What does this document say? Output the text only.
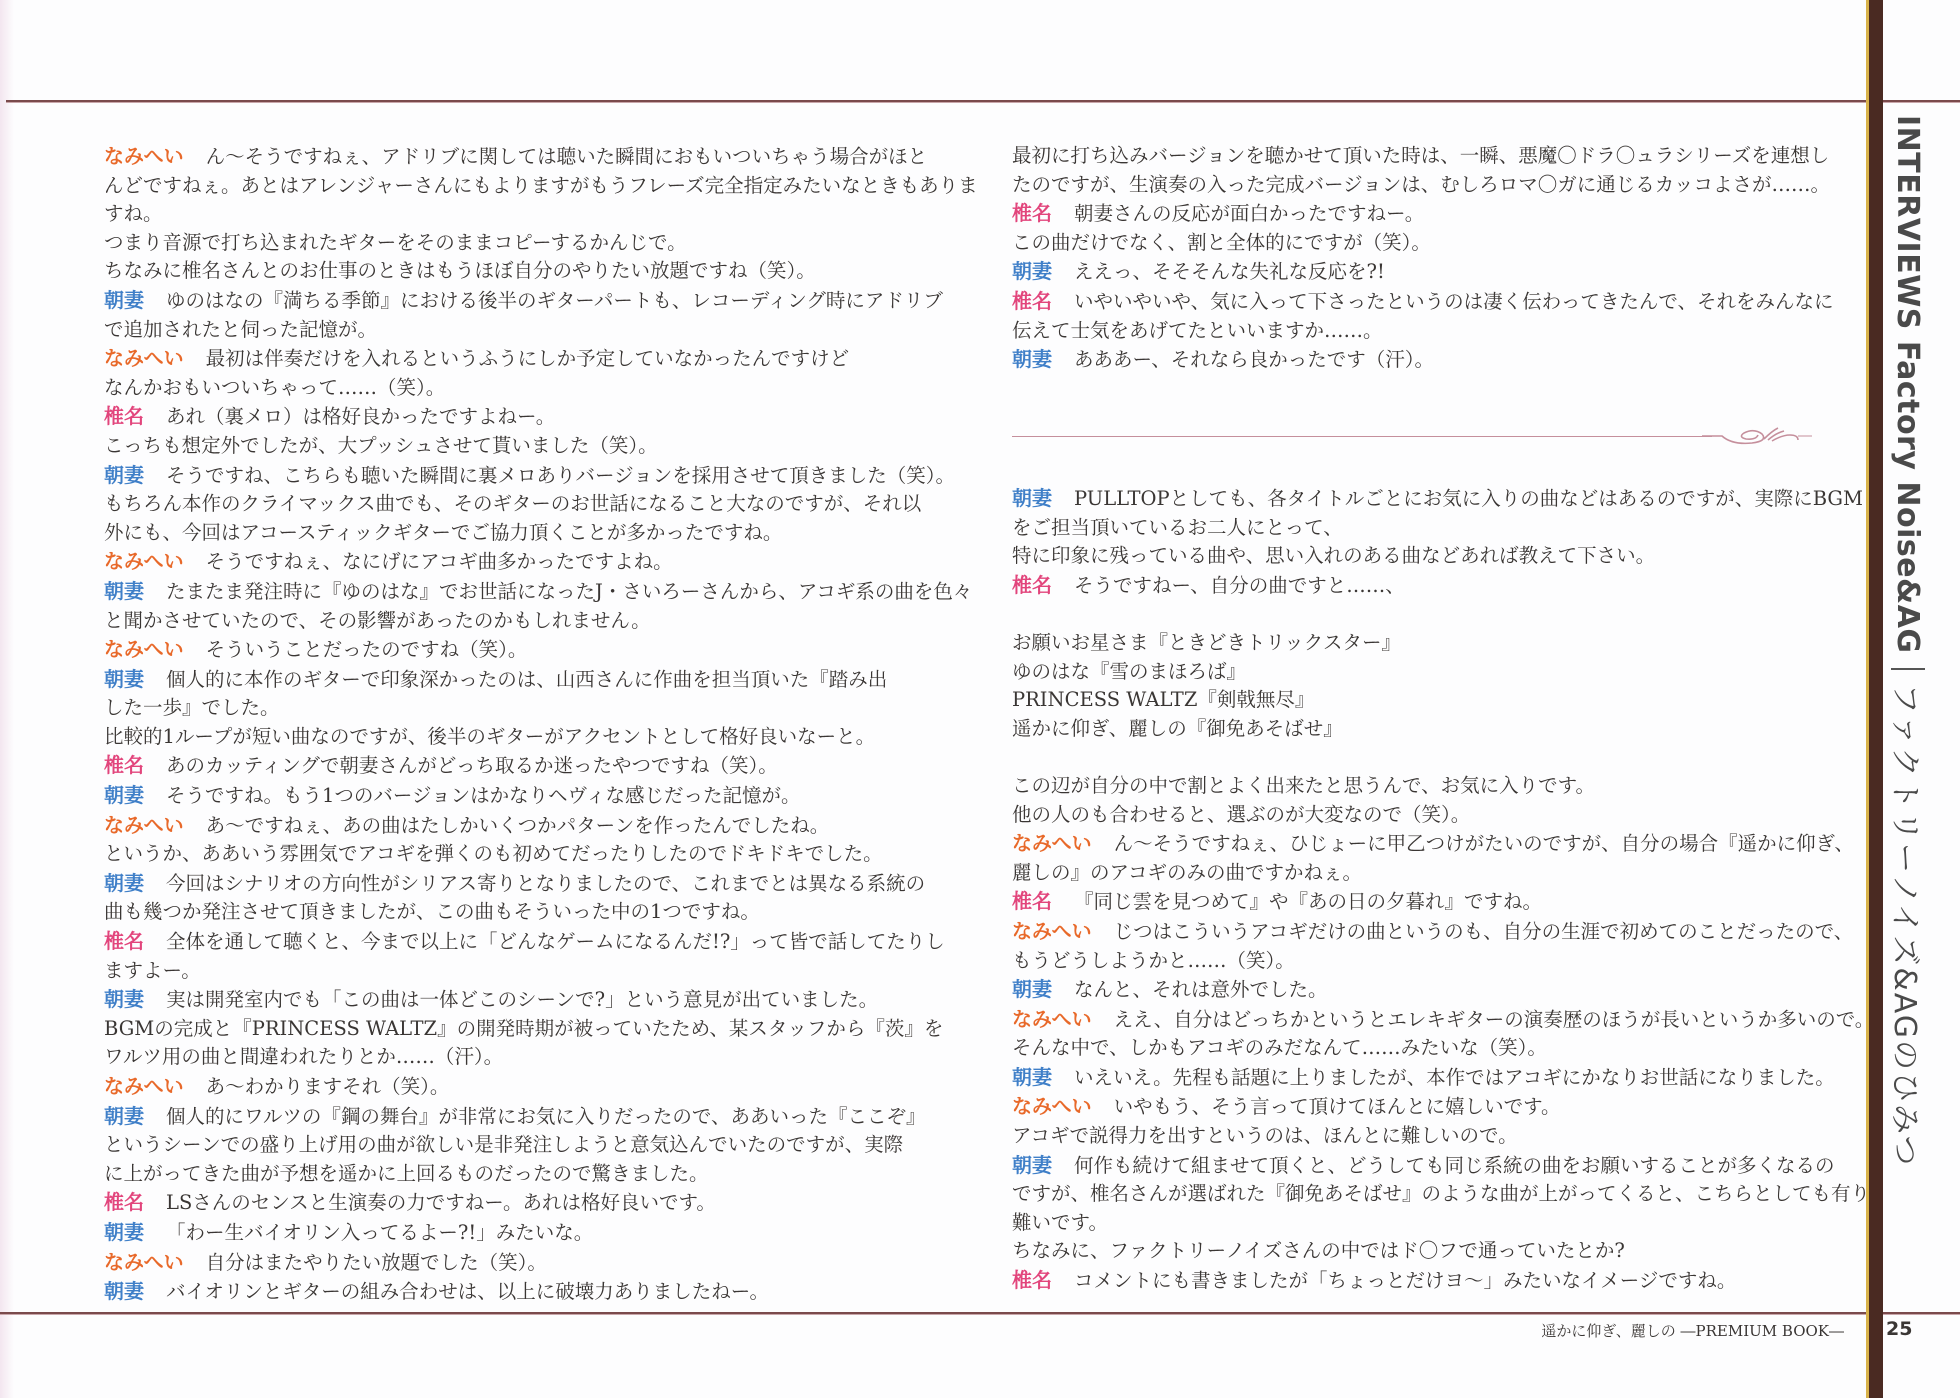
INTERVIEWS Factory Noise&AG
ファクトリーノイズ&AGのひみつ
なみへい ん～そうですねぇ、アドリブに関しては聴いた瞬間におもいついちゃう場合がほと
んどですねぇ。あとはアレンジャーさんにもよりますがもうフレーズ完全指定みたいなときもありま
すね。
つまり音源で打ち込まれたギターをそのままコピーするかんじで。
ちなみに椎名さんとのお仕事のときはもうほぼ自分のやりたい放題ですね（笑）。
朝妻 ゆのはなの『満ちる季節』における後半のギターパートも、レコーディング時にアドリブ
で追加されたと伺った記憶が。
なみへい 最初は伴奏だけを入れるというふうにしか予定していなかったんですけど
なんかおもいついちゃって……（笑）。
椎名 あれ（裏メロ）は格好良かったですよねー。
こっちも想定外でしたが、大プッシュさせて貰いました（笑）。
朝妻 そうですね、こちらも聴いた瞬間に裏メロありバージョンを採用させて頂きました（笑）。
もちろん本作のクライマックス曲でも、そのギターのお世話になること大なのですが、それ以
外にも、今回はアコースティックギターでご協力頂くことが多かったですね。
なみへい そうですねぇ、なにげにアコギ曲多かったですよね。
朝妻 たまたま発注時に『ゆのはな』でお世話になったJ・さいろーさんから、アコギ系の曲を色々
と聞かさせていたので、その影響があったのかもしれません。
なみへい そういうことだったのですね（笑）。
朝妻 個人的に本作のギターで印象深かったのは、山西さんに作曲を担当頂いた『踏み出
した一歩』でした。
比較的1ループが短い曲なのですが、後半のギターがアクセントとして格好良いなーと。
椎名 あのカッティングで朝妻さんがどっち取るか迷ったやつですね（笑）。
朝妻 そうですね。もう1つのバージョンはかなりヘヴィな感じだった記憶が。
なみへい あ～ですねぇ、あの曲はたしかいくつかパターンを作ったんでしたね。
というか、ああいう雰囲気でアコギを弾くのも初めてだったりしたのでドキドキでした。
朝妻 今回はシナリオの方向性がシリアス寄りとなりましたので、これまでとは異なる系統の
曲も幾つか発注させて頂きましたが、この曲もそういった中の1つですね。
椎名 全体を通して聴くと、今まで以上に「どんなゲームになるんだ!?」って皆で話してたりし
ますよー。
朝妻 実は開発室内でも「この曲は一体どこのシーンで?」という意見が出ていました。
BGMの完成と『PRINCESS WALTZ』の開発時期が被っていたため、某スタッフから『茨』を
ワルツ用の曲と間違われたりとか……（汗）。
なみへい あ～わかりますそれ（笑）。
朝妻 個人的にワルツの『鋼の舞台』が非常にお気に入りだったので、ああいった『ここぞ』
というシーンでの盛り上げ用の曲が欲しい是非発注しようと意気込んでいたのですが、実際
に上がってきた曲が予想を遥かに上回るものだったので驚きました。
椎名 LSさんのセンスと生演奏の力ですねー。あれは格好良いです。
朝妻 「わー生バイオリン入ってるよー?!」みたいな。
なみへい 自分はまたやりたい放題でした（笑）。
朝妻 バイオリンとギターの組み合わせは、以上に破壊力ありましたねー。
最初に打ち込みバージョンを聴かせて頂いた時は、一瞬、悪魔〇ドラ〇ュラシリーズを連想し
たのですが、生演奏の入った完成バージョンは、むしろロマ〇ガに通じるカッコよさが……。
椎名 朝妻さんの反応が面白かったですねー。
この曲だけでなく、割と全体的にですが（笑）。
朝妻 ええっ、そそそんな失礼な反応を?!
椎名 いやいやいや、気に入って下さったというのは凄く伝わってきたんで、それをみんなに
伝えて士気をあげてたといいますか……。
朝妻 あああー、それなら良かったです（汗）。
朝妻 PULLTOPとしても、各タイトルごとにお気に入りの曲などはあるのですが、実際にBGM
をご担当頂いているお二人にとって、
特に印象に残っている曲や、思い入れのある曲などあれば教えて下さい。
椎名 そうですねー、自分の曲ですと……、
お願いお星さま『ときどきトリックスター』
ゆのはな『雪のまほろば』
PRINCESS WALTZ『剣戟無尽』
遥かに仰ぎ、麗しの『御免あそばせ』
この辺が自分の中で割とよく出来たと思うんで、お気に入りです。
他の人のも合わせると、選ぶのが大変なので（笑）。
なみへい ん～そうですねぇ、ひじょーに甲乙つけがたいのですが、自分の場合『遥かに仰ぎ、
麗しの』のアコギのみの曲ですかねぇ。
椎名 『同じ雲を見つめて』や『あの日の夕暮れ』ですね。
なみへい じつはこういうアコギだけの曲というのも、自分の生涯で初めてのことだったので、
もうどうしようかと……（笑）。
朝妻 なんと、それは意外でした。
なみへい ええ、自分はどっちかというとエレキギターの演奏歴のほうが長いというか多いので。
そんな中で、しかもアコギのみだなんて……みたいな（笑）。
朝妻 いえいえ。先程も話題に上りましたが、本作ではアコギにかなりお世話になりました。
なみへい いやもう、そう言って頂けてほんとに嬉しいです。
アコギで説得力を出すというのは、ほんとに難しいので。
朝妻 何作も続けて組ませて頂くと、どうしても同じ系統の曲をお願いすることが多くなるの
ですが、椎名さんが選ばれた『御免あそばせ』のような曲が上がってくると、こちらとしても有り
難いです。
ちなみに、ファクトリーノイズさんの中ではド〇フで通っていたとか?
椎名 コメントにも書きましたが「ちょっとだけヨ～」みたいなイメージですね。
遥かに仰ぎ、麗しの ―PREMIUM BOOK― 25
